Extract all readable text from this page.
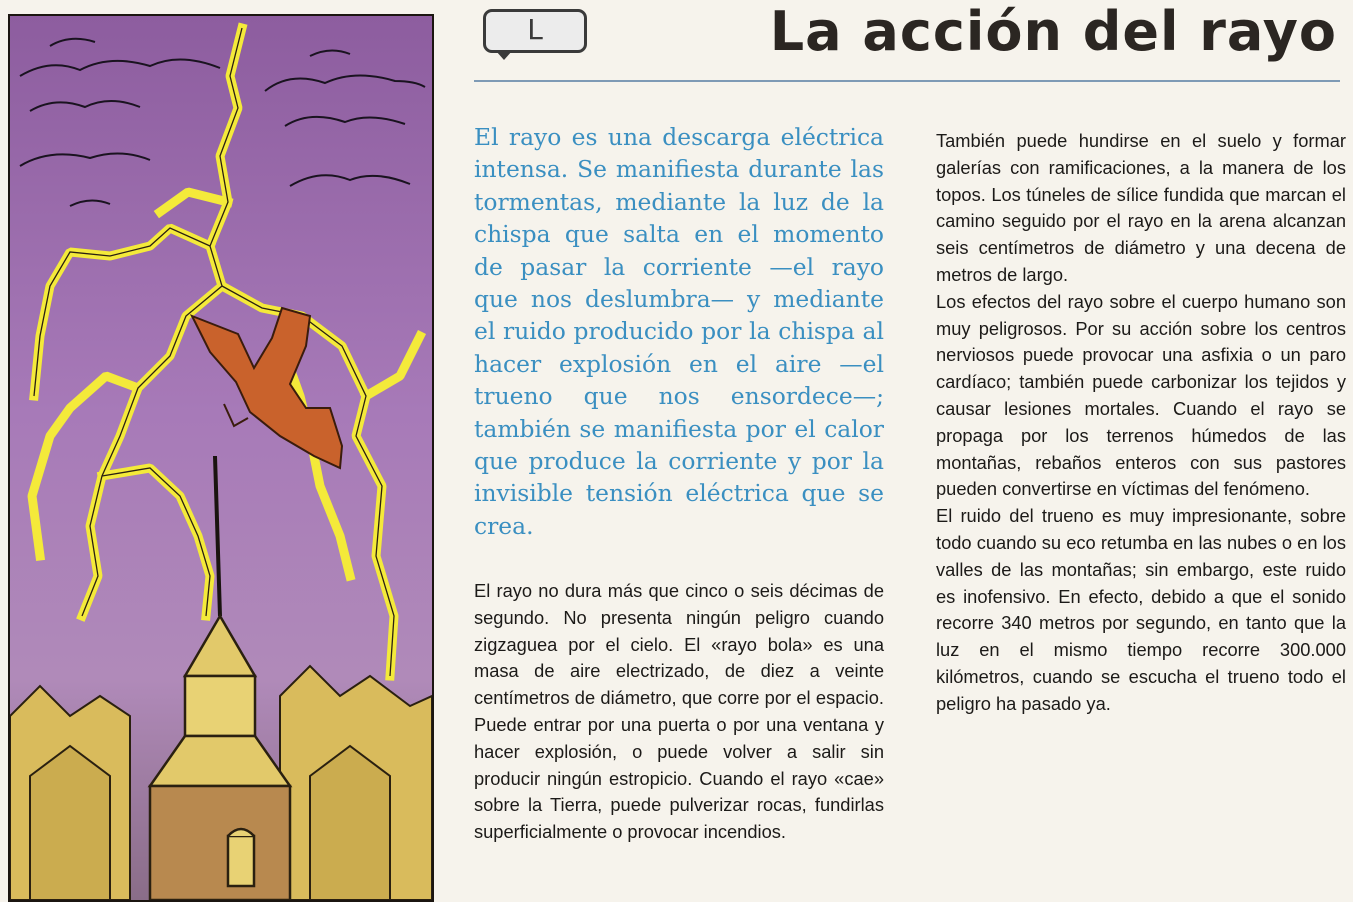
L	La acción del rayo

El rayo es una descarga eléctrica intensa. Se manifiesta durante las tormentas, mediante la luz de la chispa que salta en el momento de pasar la corriente —el rayo que nos deslumbra— y mediante el ruido producido por la chispa al hacer explosión en el aire —el trueno que nos ensordece—; también se manifiesta por el calor que produce la corriente y por la invisible tensión eléctrica que se crea.

El rayo no dura más que cinco o seis décimas de segundo. No presenta ningún peligro cuando zigzaguea por el cielo. El «rayo bola» es una masa de aire electrizado, de diez a veinte centímetros de diámetro, que corre por el espacio. Puede entrar por una puerta o por una ventana y hacer explosión, o puede volver a salir sin producir ningún estropicio. Cuando el rayo «cae» sobre la Tierra, puede pulverizar rocas, fundirlas superficialmente o provocar incendios.

También puede hundirse en el suelo y formar galerías con ramificaciones, a la manera de los topos. Los túneles de sílice fundida que marcan el camino seguido por el rayo en la arena alcanzan seis centímetros de diámetro y una decena de metros de largo.

Los efectos del rayo sobre el cuerpo humano son muy peligrosos. Por su acción sobre los centros nerviosos puede provocar una asfixia o un paro cardíaco; también puede carbonizar los tejidos y causar lesiones mortales. Cuando el rayo se propaga por los terrenos húmedos de las montañas, rebaños enteros con sus pastores pueden convertirse en víctimas del fenómeno.

El ruido del trueno es muy impresionante, sobre todo cuando su eco retumba en las nubes o en los valles de las montañas; sin embargo, este ruido es inofensivo. En efecto, debido a que el sonido recorre 340 metros por segundo, en tanto que la luz en el mismo tiempo recorre 300.000 kilómetros, cuando se escucha el trueno todo el peligro ha pasado ya.
